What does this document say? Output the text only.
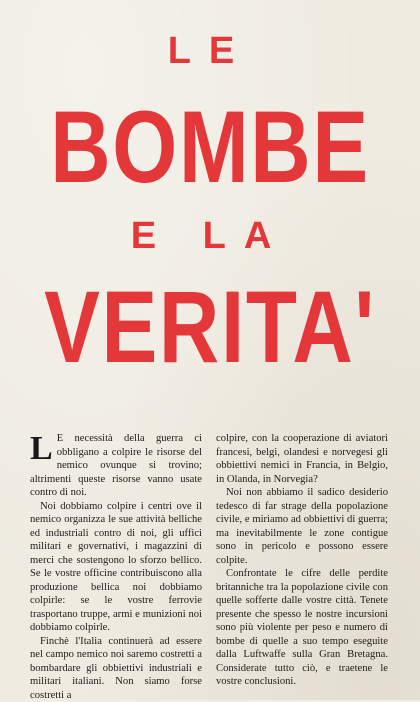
LE
BOMBE
E LA
VERITA'

L E necessità della guerra ci obbligano a colpire le risorse del nemico ovunque si trovino; altrimenti queste risorse vanno usate contro di noi.

Noi dobbiamo colpire i centri ove il nemico organizza le sue attività belliche ed industriali contro di noi, gli uffici militari e governativi, i magazzini di merci che sostengono lo sforzo bellico. Se le vostre officine contribuiscono alla produzione bellica noi dobbiamo colpirle: se le vostre ferrovie trasportano truppe, armi e munizioni noi dobbiamo colpirle.

Finchè l'Italia continuerà ad essere nel campo nemico noi saremo costretti a bombardare gli obbiettivi industriali e militari italiani. Non siamo forse costretti a

colpire, con la cooperazione di aviatori francesi, belgi, olandesi e norvegesi gli obbiettivi nemici in Francia, in Belgio, in Olanda, in Norvegia?

Noi non abbiamo il sadico desiderio tedesco di far strage della popolazione civile, e miriamo ad obbiettivi di guerra; ma inevitabilmente le zone contigue sono in pericolo e possono essere colpite.

Confrontate le cifre delle perdite britanniche tra la popolazione civile con quelle sofferte dalle vostre città. Tenete presente che spesso le nostre incursioni sono più violente per peso e numero di bombe di quelle a suo tempo eseguite dalla Luftwaffe sulla Gran Bretagna. Considerate tutto ciò, e traetene le vostre conclusioni.
